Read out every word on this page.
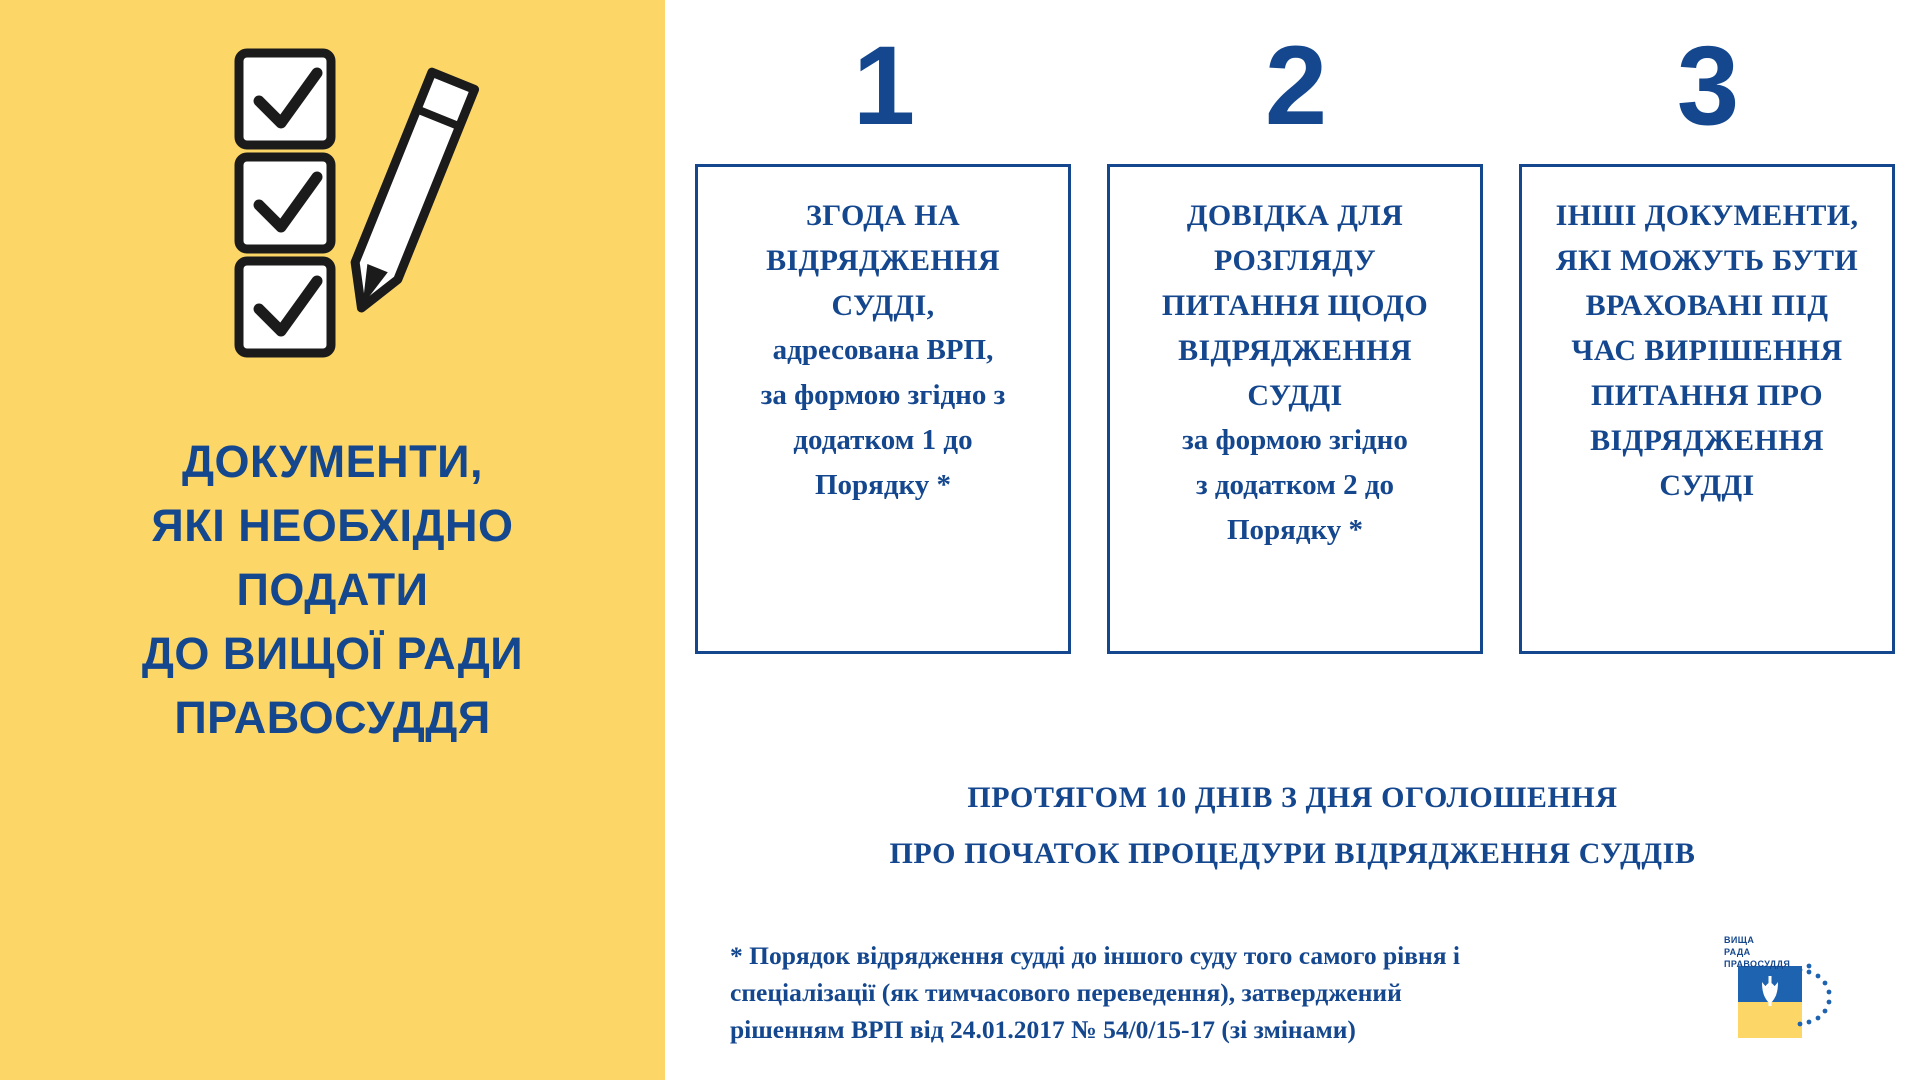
ДОКУМЕНТИ,
ЯКІ НЕОБХІДНО
ПОДАТИ
ДО ВИЩОЇ РАДИ
ПРАВОСУДДЯ
1
ЗГОДА НА
ВІДРЯДЖЕННЯ
СУДДІ,
адресована ВРП,
за формою згідно з
додатком 1 до
Порядку *
2
ДОВІДКА ДЛЯ
РОЗГЛЯДУ
ПИТАННЯ ЩОДО
ВІДРЯДЖЕННЯ
СУДДІ
за формою згідно
з додатком 2 до
Порядку *
3
ІНШІ ДОКУМЕНТИ,
ЯКІ МОЖУТЬ БУТИ
ВРАХОВАНІ ПІД
ЧАС ВИРІШЕННЯ
ПИТАННЯ ПРО
ВІДРЯДЖЕННЯ
СУДДІ
ПРОТЯГОМ 10 ДНІВ З ДНЯ ОГОЛОШЕННЯ
ПРО ПОЧАТОК ПРОЦЕДУРИ ВІДРЯДЖЕННЯ СУДДІВ
* Порядок відрядження судді до іншого суду того самого рівня і
спеціалізації (як тимчасового переведення), затверджений
рішенням ВРП від 24.01.2017 № 54/0/15-17 (зі змінами)
ВИЩА
РАДА
ПРАВОСУДДЯ
